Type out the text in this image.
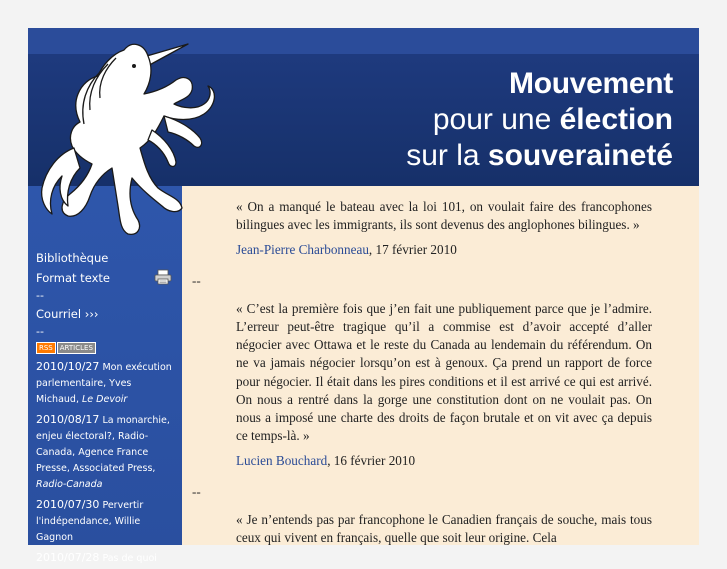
Mouvement
pour une élection
sur la souveraineté
Bibliothèque
Format texte
--
Courriel ›››
--
RSS	ARTICLES
2010/10/27 Mon exécution parlementaire, Yves Michaud, Le Devoir
2010/08/17 La monarchie, enjeu électoral?, Radio-Canada, Agence France Presse, Associated Press, Radio-Canada
2010/07/30 Pervertir l'indépendance, Willie Gagnon
2010/07/28 Pas de quoi
« On a manqué le bateau avec la loi 101, on voulait faire des francophones bilingues avec les immigrants, ils sont devenus des anglophones bilingues. »
Jean-Pierre Charbonneau, 17 février 2010
--
« C’est la première fois que j’en fait une publiquement parce que je l’admire. L’erreur peut-être tragique qu’il a commise est d’avoir accepté d’aller négocier avec Ottawa et le reste du Canada au lendemain du référendum. On ne va jamais négocier lorsqu’on est à genoux. Ça prend un rapport de force pour négocier. Il était dans les pires conditions et il est arrivé ce qui est arrivé. On nous a rentré dans la gorge une constitution dont on ne voulait pas. On nous a imposé une charte des droits de façon brutale et on vit avec ça depuis ce temps-là. »
Lucien Bouchard, 16 février 2010
--
« Je n’entends pas par francophone le Canadien français de souche, mais tous ceux qui vivent en français, quelle que soit leur origine. Cela
